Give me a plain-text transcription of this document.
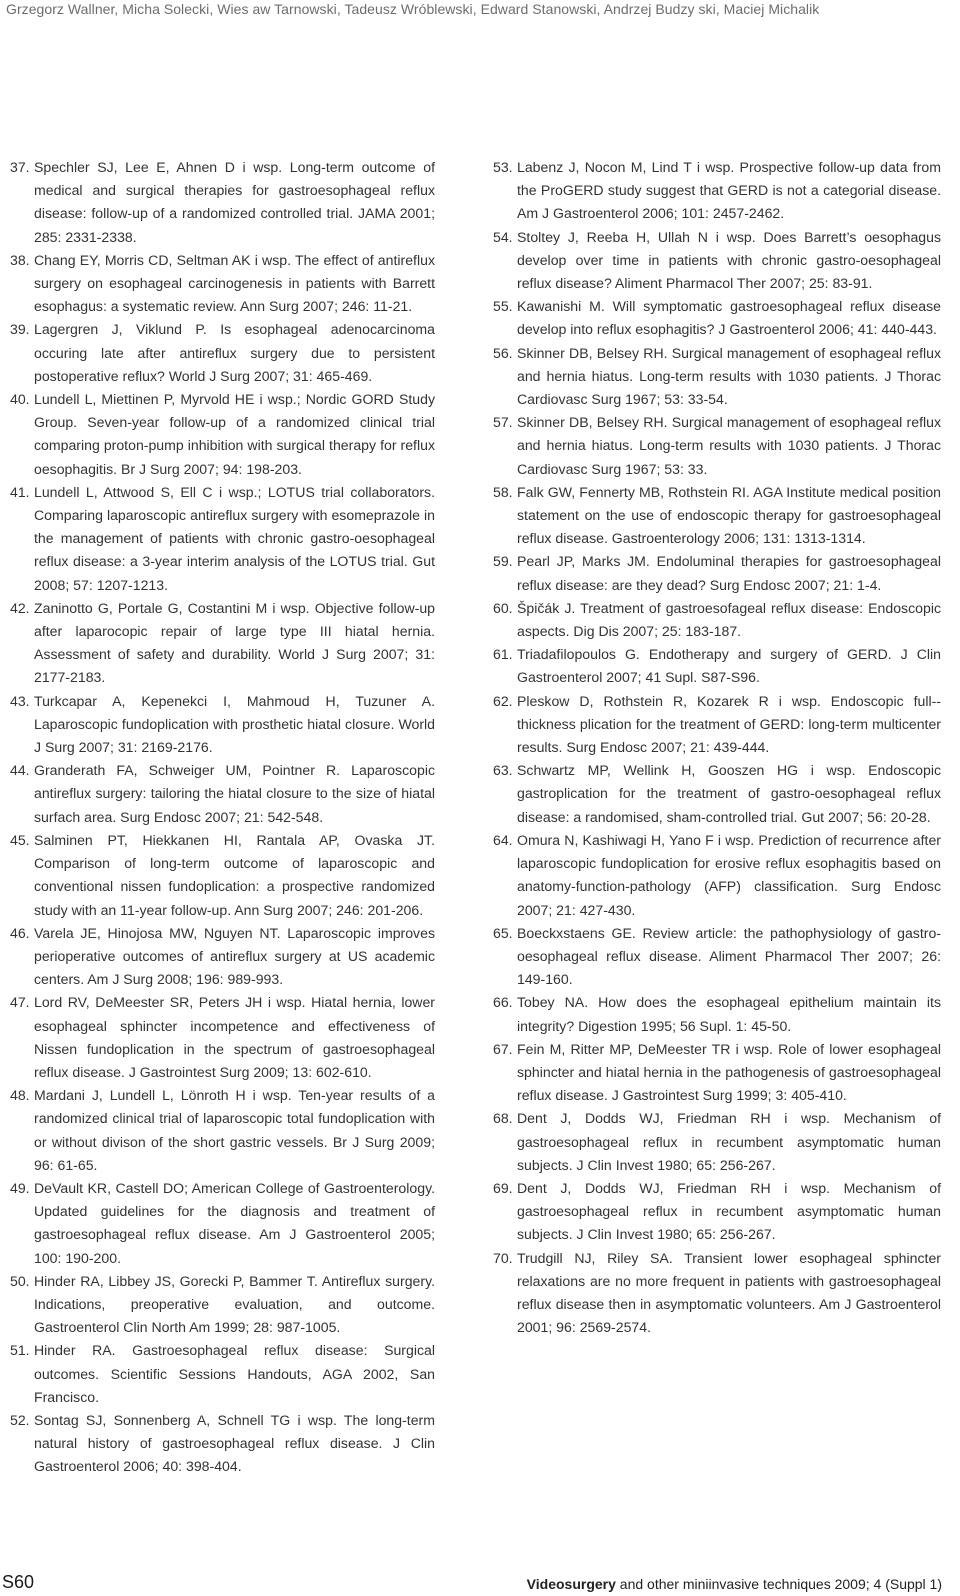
Grzegorz Wallner, Micha Solecki, Wies aw Tarnowski, Tadeusz Wróblewski, Edward Stanowski, Andrzej Budzy ski, Maciej Michalik
37. Spechler SJ, Lee E, Ahnen D i wsp. Long-term outcome of medical and surgical therapies for gastroesophageal reflux disease: follow-up of a randomized controlled trial. JAMA 2001; 285: 2331-2338.
38. Chang EY, Morris CD, Seltman AK i wsp. The effect of antireflux surgery on esophageal carcinogenesis in patients with Barrett esophagus: a systematic review. Ann Surg 2007; 246: 11-21.
39. Lagergren J, Viklund P. Is esophageal adenocarcinoma occuring late after antireflux surgery due to persistent postoperative reflux? World J Surg 2007; 31: 465-469.
40. Lundell L, Miettinen P, Myrvold HE i wsp.; Nordic GORD Study Group. Seven-year follow-up of a randomized clinical trial comparing proton-pump inhibition with surgical therapy for reflux oesophagitis. Br J Surg 2007; 94: 198-203.
41. Lundell L, Attwood S, Ell C i wsp.; LOTUS trial collaborators. Comparing laparoscopic antireflux surgery with esomeprazole in the management of patients with chronic gastro-oesophageal reflux disease: a 3-year interim analysis of the LOTUS trial. Gut 2008; 57: 1207-1213.
42. Zaninotto G, Portale G, Costantini M i wsp. Objective follow-up after laparocopic repair of large type III hiatal hernia. Assessment of safety and durability. World J Surg 2007; 31: 2177-2183.
43. Turkcapar A, Kepenekci I, Mahmoud H, Tuzuner A. Laparoscopic fundoplication with prosthetic hiatal closure. World J Surg 2007; 31: 2169-2176.
44. Granderath FA, Schweiger UM, Pointner R. Laparoscopic antireflux surgery: tailoring the hiatal closure to the size of hiatal surfach area. Surg Endosc 2007; 21: 542-548.
45. Salminen PT, Hiekkanen HI, Rantala AP, Ovaska JT. Comparison of long-term outcome of laparoscopic and conventional nissen fundoplication: a prospective randomized study with an 11-year follow-up. Ann Surg 2007; 246: 201-206.
46. Varela JE, Hinojosa MW, Nguyen NT. Laparoscopic improves perioperative outcomes of antireflux surgery at US academic centers. Am J Surg 2008; 196: 989-993.
47. Lord RV, DeMeester SR, Peters JH i wsp. Hiatal hernia, lower esophageal sphincter incompetence and effectiveness of Nissen fundoplication in the spectrum of gastroesophageal reflux disease. J Gastrointest Surg 2009; 13: 602-610.
48. Mardani J, Lundell L, Lönroth H i wsp. Ten-year results of a randomized clinical trial of laparoscopic total fundoplication with or without divison of the short gastric vessels. Br J Surg 2009; 96: 61-65.
49. DeVault KR, Castell DO; American College of Gastroenterology. Updated guidelines for the diagnosis and treatment of gastroesophageal reflux disease. Am J Gastroenterol 2005; 100: 190-200.
50. Hinder RA, Libbey JS, Gorecki P, Bammer T. Antireflux surgery. Indications, preoperative evaluation, and outcome. Gastroenterol Clin North Am 1999; 28: 987-1005.
51. Hinder RA. Gastroesophageal reflux disease: Surgical outcomes. Scientific Sessions Handouts, AGA 2002, San Francisco.
52. Sontag SJ, Sonnenberg A, Schnell TG i wsp. The long-term natural history of gastroesophageal reflux disease. J Clin Gastroenterol 2006; 40: 398-404.
53. Labenz J, Nocon M, Lind T i wsp. Prospective follow-up data from the ProGERD study suggest that GERD is not a categorial disease. Am J Gastroenterol 2006; 101: 2457-2462.
54. Stoltey J, Reeba H, Ullah N i wsp. Does Barrett’s oesophagus develop over time in patients with chronic gastro-oesophageal reflux disease? Aliment Pharmacol Ther 2007; 25: 83-91.
55. Kawanishi M. Will symptomatic gastroesophageal reflux disease develop into reflux esophagitis? J Gastroenterol 2006; 41: 440-443.
56. Skinner DB, Belsey RH. Surgical management of esophageal reflux and hernia hiatus. Long-term results with 1030 patients. J Thorac Cardiovasc Surg 1967; 53: 33-54.
57. Skinner DB, Belsey RH. Surgical management of esophageal reflux and hernia hiatus. Long-term results with 1030 patients. J Thorac Cardiovasc Surg 1967; 53: 33.
58. Falk GW, Fennerty MB, Rothstein RI. AGA Institute medical position statement on the use of endoscopic therapy for gastroesophageal reflux disease. Gastroenterology 2006; 131: 1313-1314.
59. Pearl JP, Marks JM. Endoluminal therapies for gastroesophageal reflux disease: are they dead? Surg Endosc 2007; 21: 1-4.
60. Špičák J. Treatment of gastroesofageal reflux disease: Endoscopic aspects. Dig Dis 2007; 25: 183-187.
61. Triadafilopoulos G. Endotherapy and surgery of GERD. J Clin Gastroenterol 2007; 41 Supl. S87-S96.
62. Pleskow D, Rothstein R, Kozarek R i wsp. Endoscopic full--thickness plication for the treatment of GERD: long-term multicenter results. Surg Endosc 2007; 21: 439-444.
63. Schwartz MP, Wellink H, Gooszen HG i wsp. Endoscopic gastroplication for the treatment of gastro-oesophageal reflux disease: a randomised, sham-controlled trial. Gut 2007; 56: 20-28.
64. Omura N, Kashiwagi H, Yano F i wsp. Prediction of recurrence after laparoscopic fundoplication for erosive reflux esophagitis based on anatomy-function-pathology (AFP) classification. Surg Endosc 2007; 21: 427-430.
65. Boeckxstaens GE. Review article: the pathophysiology of gastro-oesophageal reflux disease. Aliment Pharmacol Ther 2007; 26: 149-160.
66. Tobey NA. How does the esophageal epithelium maintain its integrity? Digestion 1995; 56 Supl. 1: 45-50.
67. Fein M, Ritter MP, DeMeester TR i wsp. Role of lower esophageal sphincter and hiatal hernia in the pathogenesis of gastroesophageal reflux disease. J Gastrointest Surg 1999; 3: 405-410.
68. Dent J, Dodds WJ, Friedman RH i wsp. Mechanism of gastroesophageal reflux in recumbent asymptomatic human subjects. J Clin Invest 1980; 65: 256-267.
69. Dent J, Dodds WJ, Friedman RH i wsp. Mechanism of gastroesophageal reflux in recumbent asymptomatic human subjects. J Clin Invest 1980; 65: 256-267.
70. Trudgill NJ, Riley SA. Transient lower esophageal sphincter relaxations are no more frequent in patients with gastroesophageal reflux disease then in asymptomatic volunteers. Am J Gastroenterol 2001; 96: 2569-2574.
S60	Videosurgery and other miniinvasive techniques 2009; 4 (Suppl 1)
